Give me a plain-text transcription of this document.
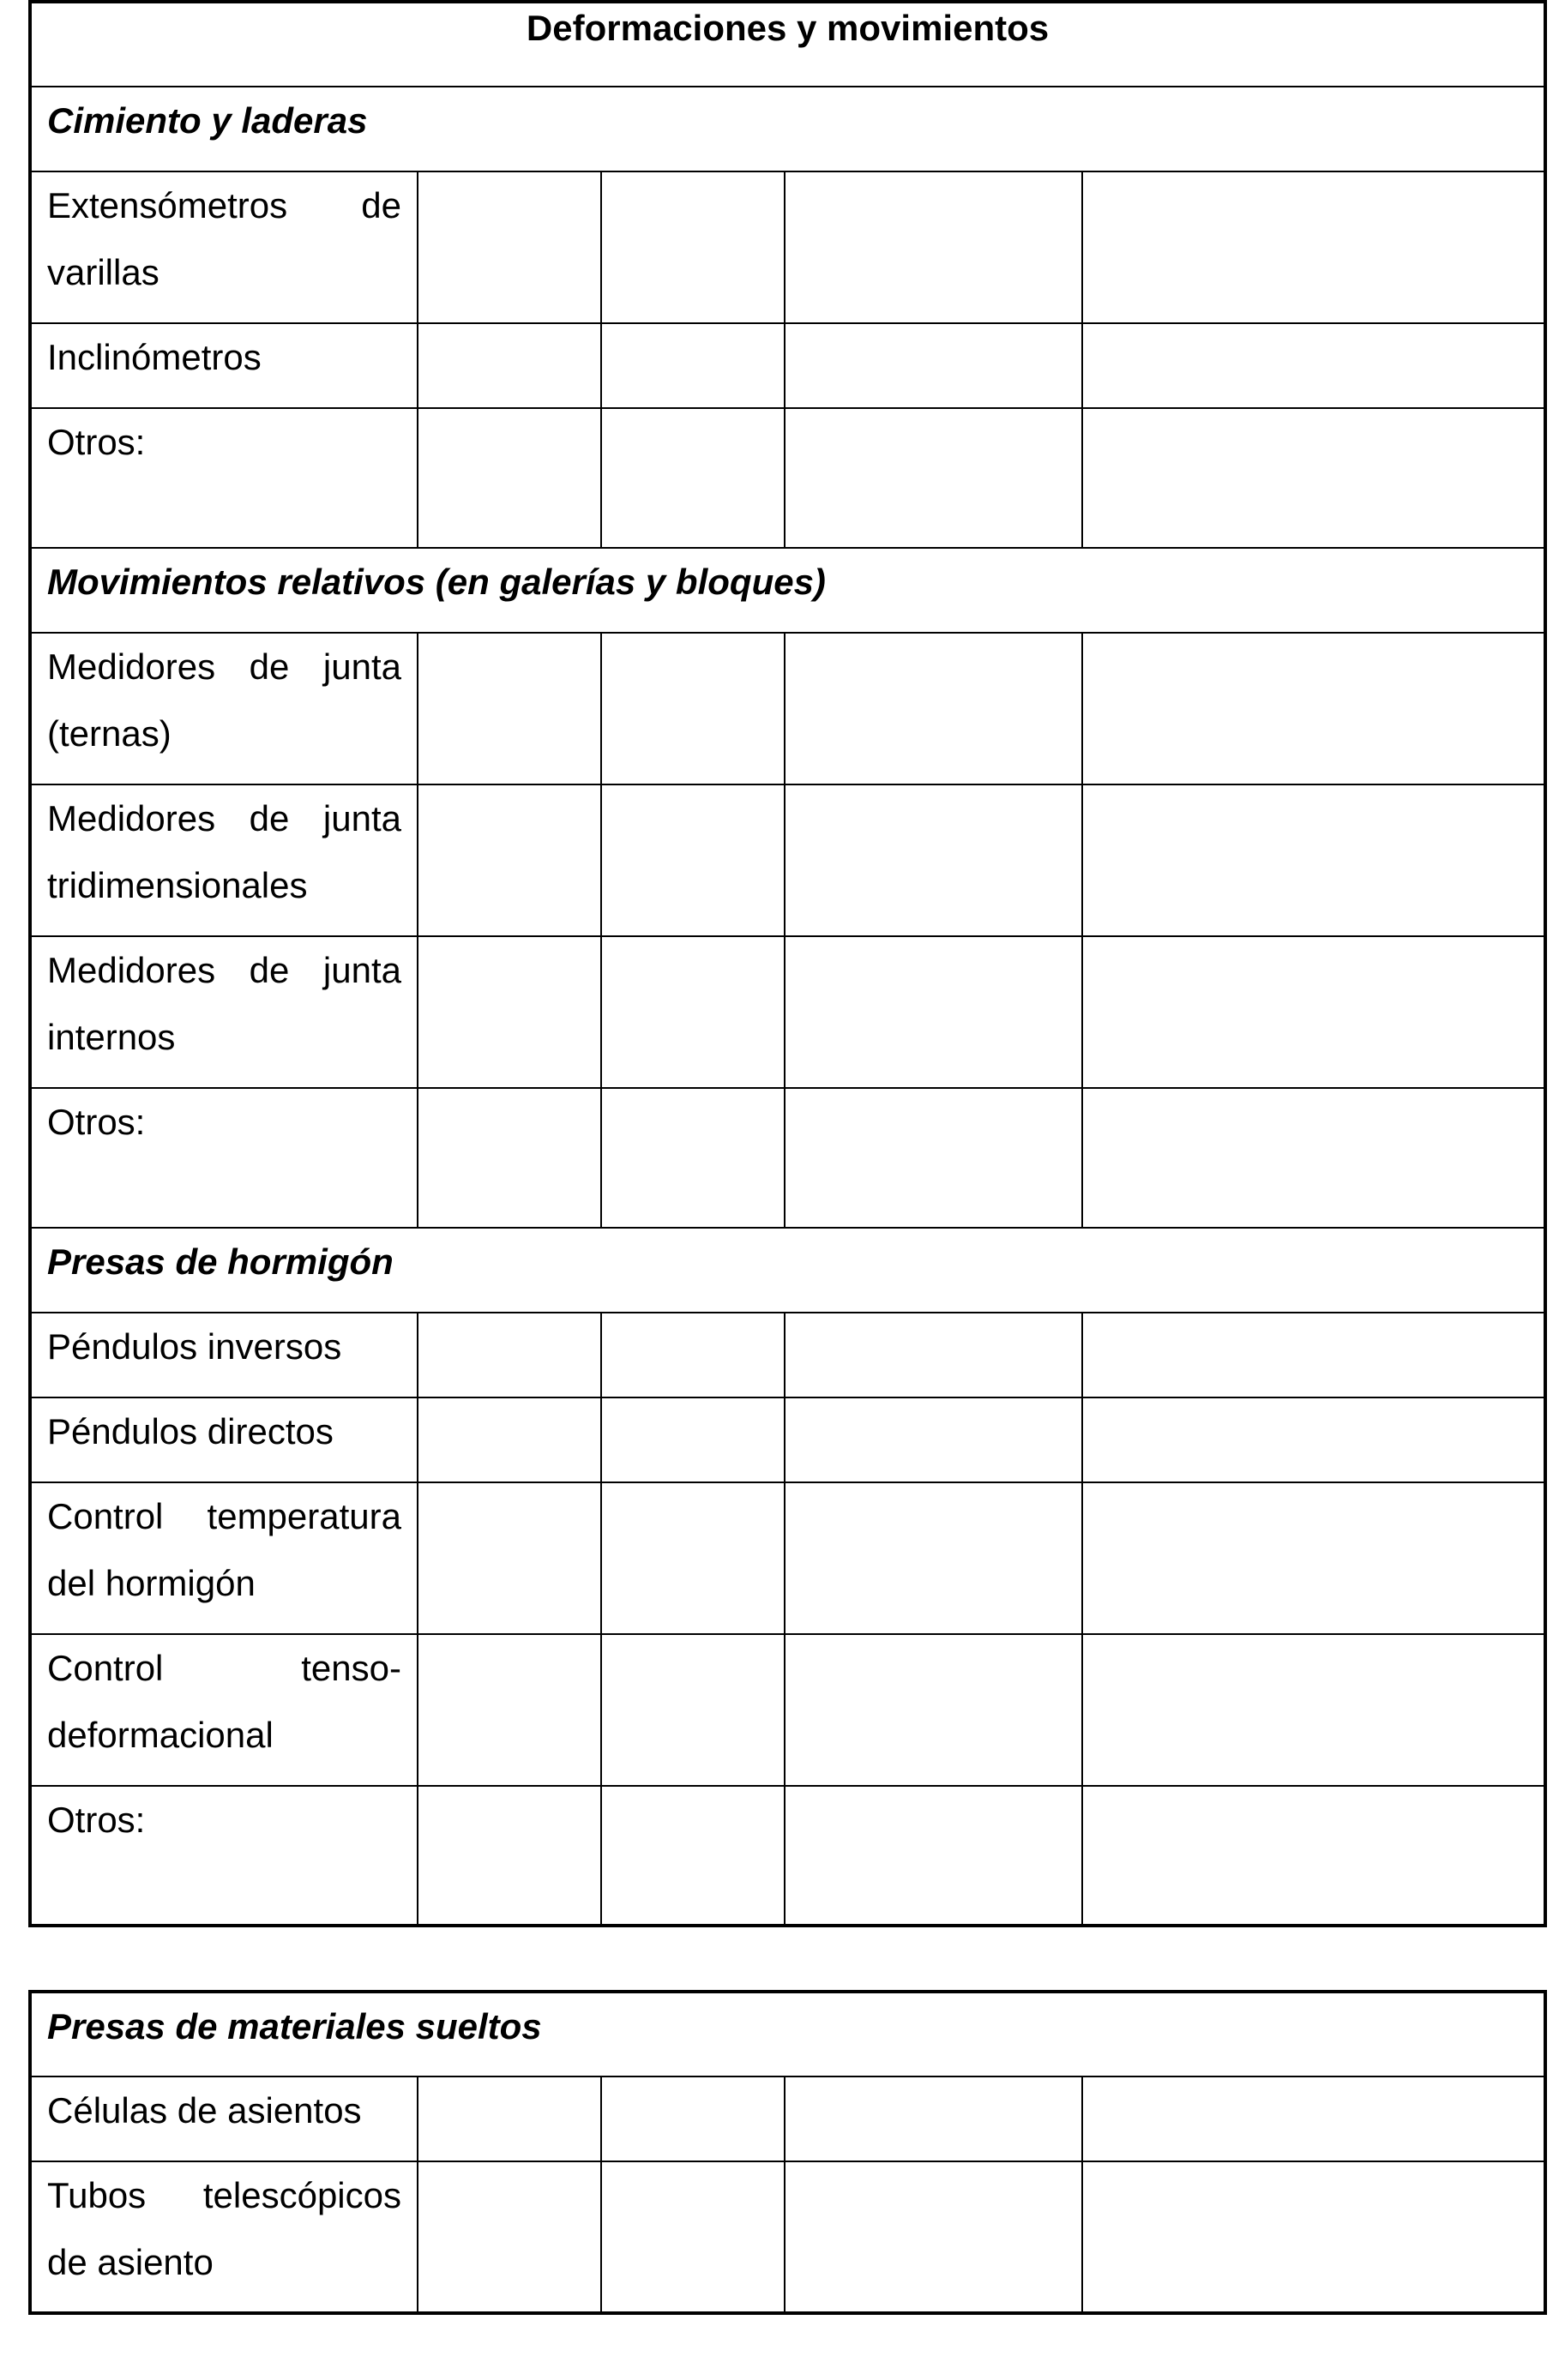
Deformaciones y movimientos				
Cimiento y laderas				
Extensómetros de varillas				
Inclinómetros				
Otros:				
Movimientos relativos (en galerías y bloques)				
Medidores de junta (ternas)				
Medidores de junta tridimensionales				
Medidores de junta internos				
Otros:				
Presas de hormigón				
Péndulos inversos				
Péndulos directos				
Control temperatura del hormigón				
Control tenso-deformacional				
Otros:				
Presas de materiales sueltos				
Células de asientos				
Tubos telescópicos de asiento				
